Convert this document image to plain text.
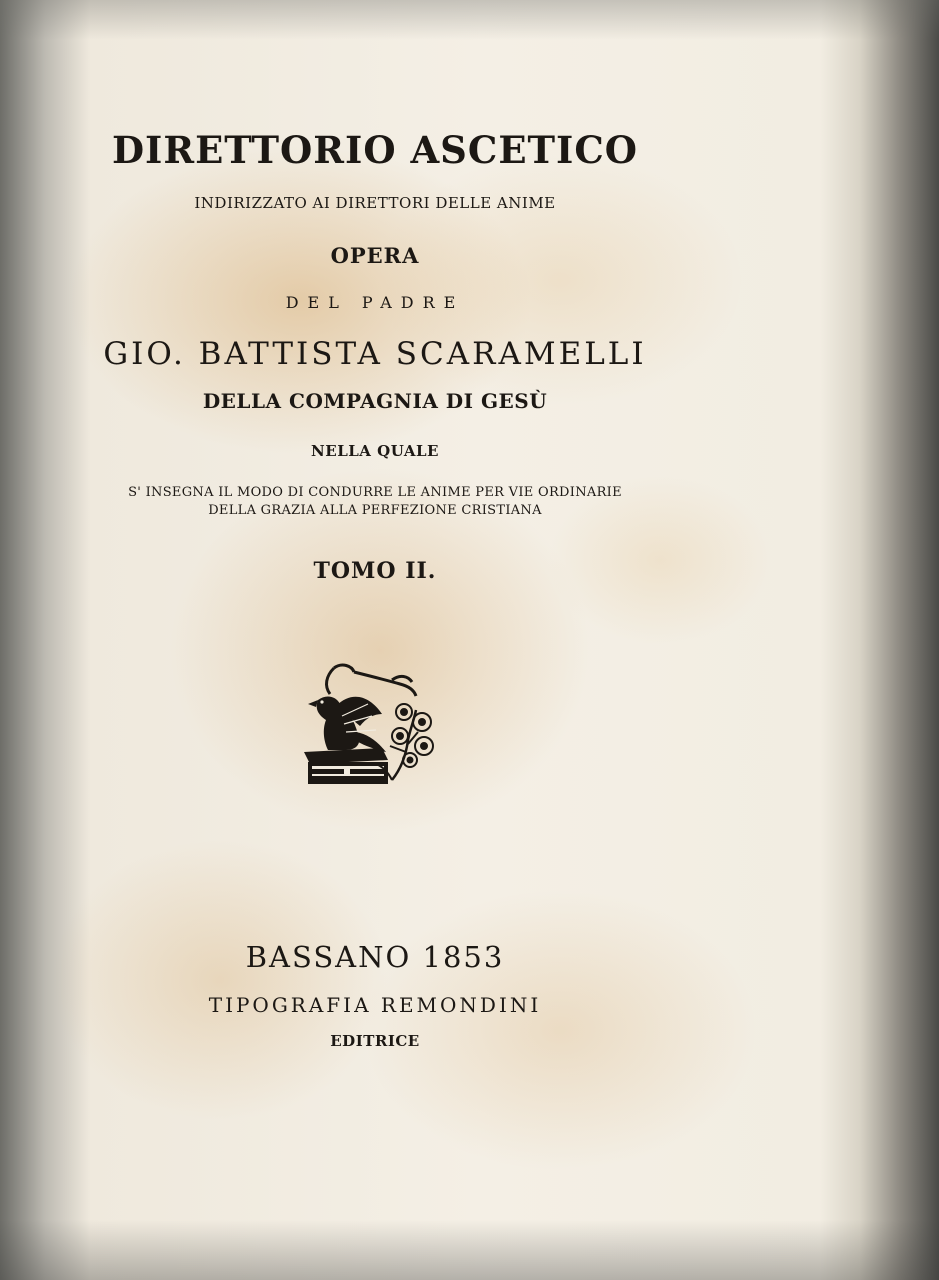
DIRETTORIO ASCETICO
INDIRIZZATO AI DIRETTORI DELLE ANIME
OPERA
DEL PADRE
GIO. BATTISTA SCARAMELLI
DELLA COMPAGNIA DI GESÙ
NELLA QUALE
S' INSEGNA IL MODO DI CONDURRE LE ANIME PER VIE ORDINARIE
DELLA GRAZIA ALLA PERFEZIONE CRISTIANA
TOMO II.
BASSANO 1853
TIPOGRAFIA REMONDINI
EDITRICE
